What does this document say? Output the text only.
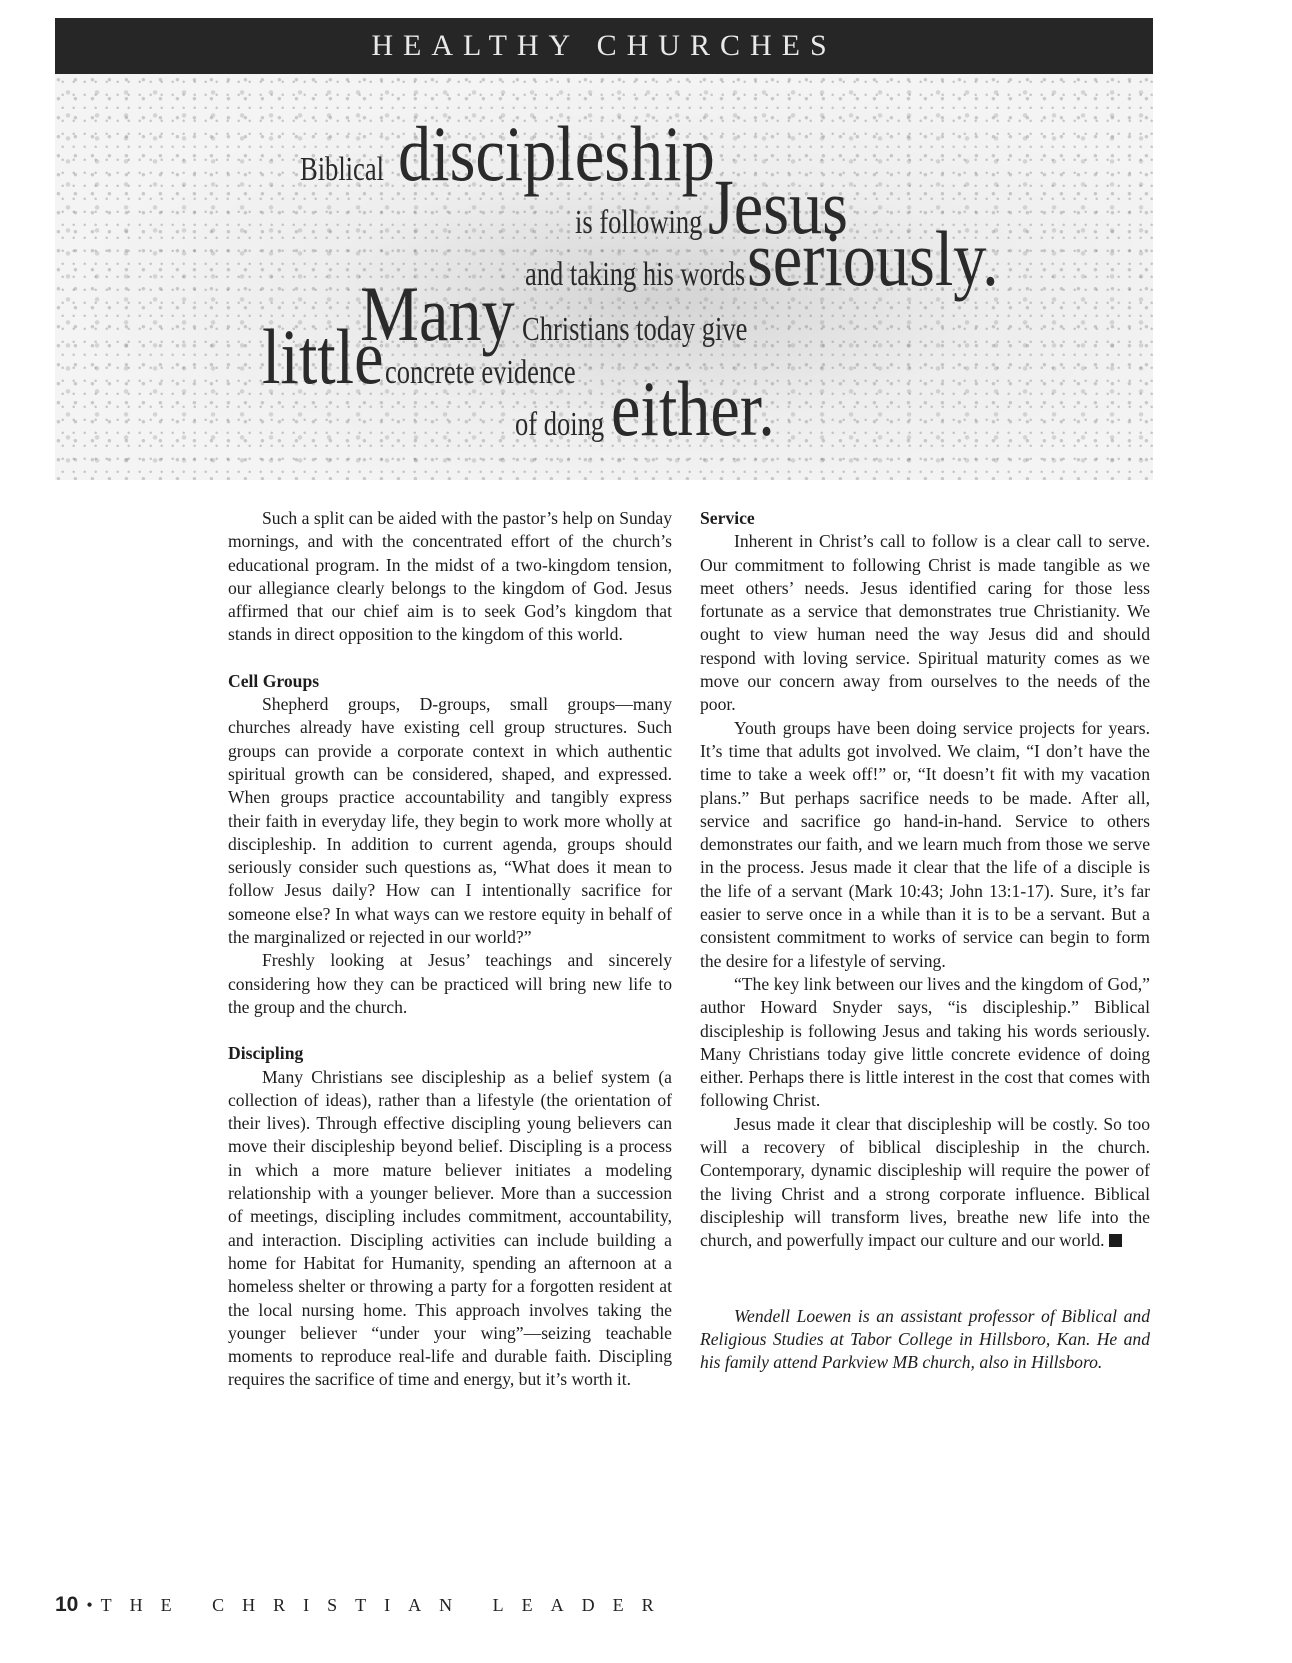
HEALTHY CHURCHES
Biblical discipleship
is followingJesus
and taking his wordsseriously.
Many Christians today give
littleconcrete evidence
of doingeither.

Such a split can be aided with the pastor’s help on Sunday mornings, and with the concentrated effort of the church’s educational program. In the midst of a two-kingdom tension, our allegiance clearly belongs to the kingdom of God. Jesus affirmed that our chief aim is to seek God’s kingdom that stands in direct opposition to the kingdom of this world.

Cell Groups

Shepherd groups, D-groups, small groups—many churches already have existing cell group structures. Such groups can provide a corporate context in which authentic spiritual growth can be considered, shaped, and expressed. When groups practice accountability and tangibly express their faith in everyday life, they begin to work more wholly at discipleship. In addition to current agenda, groups should seriously consider such questions as, “What does it mean to follow Jesus daily? How can I intentionally sacrifice for someone else? In what ways can we restore equity in behalf of the marginalized or rejected in our world?”

Freshly looking at Jesus’ teachings and sincerely considering how they can be practiced will bring new life to the group and the church.

Discipling

Many Christians see discipleship as a belief system (a collection of ideas), rather than a lifestyle (the orientation of their lives). Through effective discipling young believers can move their discipleship beyond belief. Discipling is a process in which a more mature believer initiates a modeling relationship with a younger believer. More than a succession of meetings, discipling includes commitment, accountability, and interaction. Discipling activities can include building a home for Habitat for Humanity, spending an afternoon at a homeless shelter or throwing a party for a forgotten resident at the local nursing home. This approach involves taking the younger believer “under your wing”—seizing teachable moments to reproduce real-life and durable faith. Discipling requires the sacrifice of time and energy, but it’s worth it.

Service

Inherent in Christ’s call to follow is a clear call to serve. Our commitment to following Christ is made tangible as we meet others’ needs. Jesus identified caring for those less fortunate as a service that demonstrates true Christianity. We ought to view human need the way Jesus did and should respond with loving service. Spiritual maturity comes as we move our concern away from ourselves to the needs of the poor.

Youth groups have been doing service projects for years. It’s time that adults got involved. We claim, “I don’t have the time to take a week off!” or, “It doesn’t fit with my vacation plans.” But perhaps sacrifice needs to be made. After all, service and sacrifice go hand-in-hand. Service to others demonstrates our faith, and we learn much from those we serve in the process. Jesus made it clear that the life of a disciple is the life of a servant (Mark 10:43; John 13:1-17). Sure, it’s far easier to serve once in a while than it is to be a servant. But a consistent commitment to works of service can begin to form the desire for a lifestyle of serving.

“The key link between our lives and the kingdom of God,” author Howard Snyder says, “is discipleship.” Biblical discipleship is following Jesus and taking his words seriously. Many Christians today give little concrete evidence of doing either. Perhaps there is little interest in the cost that comes with following Christ.

Jesus made it clear that discipleship will be costly. So too will a recovery of biblical discipleship in the church. Contemporary, dynamic discipleship will require the power of the living Christ and a strong corporate influence. Biblical discipleship will transform lives, breathe new life into the church, and powerfully impact our culture and our world.

Wendell Loewen is an assistant professor of Biblical and Religious Studies at Tabor College in Hillsboro, Kan. He and his family attend Parkview MB church, also in Hillsboro.

10 • THE CHRISTIAN LEADER
